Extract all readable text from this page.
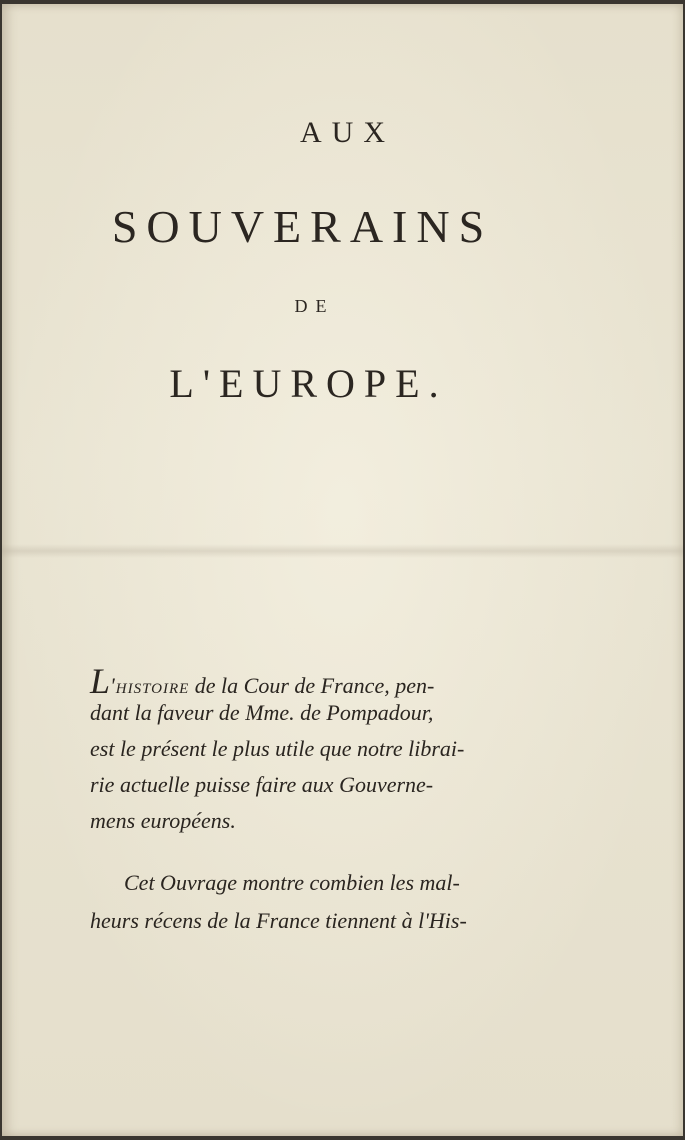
AUX

SOUVERAINS

DE

L'EUROPE.

L'histoire de la Cour de France, pen-

dant la faveur de Mme. de Pompadour,

est le présent le plus utile que notre librai-

rie actuelle puisse faire aux Gouverne-

mens européens.

Cet Ouvrage montre combien les mal-

heurs récens de la France tiennent à l'His-
